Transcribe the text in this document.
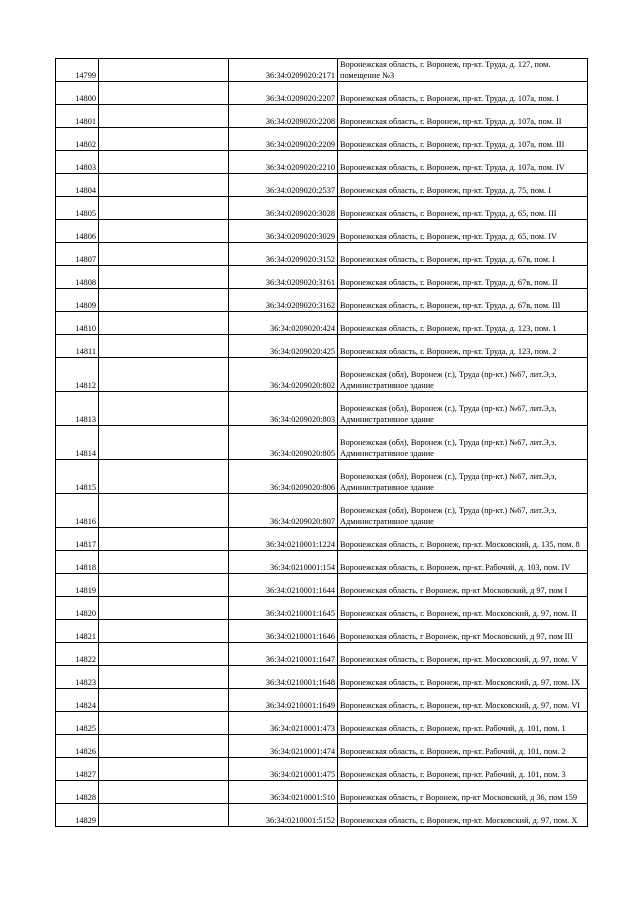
14799		36:34:0209020:2171	Воронежская область, г. Воронеж, пр-кт. Труда, д. 127, пом. помещение №3
14800		36:34:0209020:2207	Воронежская область, г. Воронеж, пр-кт. Труда, д. 107а, пом. I
14801		36:34:0209020:2208	Воронежская область, г. Воронеж, пр-кт. Труда, д. 107а, пом. II
14802		36:34:0209020:2209	Воронежская область, г. Воронеж, пр-кт. Труда, д. 107а, пом. III
14803		36:34:0209020:2210	Воронежская область, г. Воронеж, пр-кт. Труда, д. 107а, пом. IV
14804		36:34:0209020:2537	Воронежская область, г. Воронеж, пр-кт. Труда, д. 75, пом. I
14805		36:34:0209020:3028	Воронежская область, г. Воронеж, пр-кт. Труда, д. 65, пом. III
14806		36:34:0209020:3029	Воронежская область, г. Воронеж, пр-кт. Труда, д. 65, пом. IV
14807		36:34:0209020:3152	Воронежская область, г. Воронеж, пр-кт. Труда, д. 67в, пом. I
14808		36:34:0209020:3161	Воронежская область, г. Воронеж, пр-кт. Труда, д. 67в, пом. II
14809		36:34:0209020:3162	Воронежская область, г. Воронеж, пр-кт. Труда, д. 67в, пом. III
14810		36:34:0209020:424	Воронежская область, г. Воронеж, пр-кт. Труда, д. 123, пом. 1
14811		36:34:0209020:425	Воронежская область, г. Воронеж, пр-кт. Труда, д. 123, пом. 2
14812		36:34:0209020:802	Воронежская (обл), Воронеж (г.), Труда (пр-кт.) №67, лит.Э,э, Административное здание
14813		36:34:0209020:803	Воронежская (обл), Воронеж (г.), Труда (пр-кт.) №67, лит.Э,э, Административное здание
14814		36:34:0209020:805	Воронежская (обл), Воронеж (г.), Труда (пр-кт.) №67, лит.Э,э, Административное здание
14815		36:34:0209020:806	Воронежская (обл), Воронеж (г.), Труда (пр-кт.) №67, лит.Э,э, Административное здание
14816		36:34:0209020:807	Воронежская (обл), Воронеж (г.), Труда (пр-кт.) №67, лит.Э,э, Административное здание
14817		36:34:0210001:1224	Воронежская область, г. Воронеж, пр-кт. Московский, д. 135, пом. 8
14818		36:34:0210001:154	Воронежская область, г. Воронеж, пр-кт. Рабочий, д. 103, пом. IV
14819		36:34:0210001:1644	Воронежская область, г Воронеж, пр-кт Московский, д 97, пом I
14820		36:34:0210001:1645	Воронежская область, г. Воронеж, пр-кт. Московский, д. 97, пом. II
14821		36:34:0210001:1646	Воронежская область, г Воронеж, пр-кт Московский, д 97, пом III
14822		36:34:0210001:1647	Воронежская область, г. Воронеж, пр-кт. Московский, д. 97, пом. V
14823		36:34:0210001:1648	Воронежская область, г. Воронеж, пр-кт. Московский, д. 97, пом. IX
14824		36:34:0210001:1649	Воронежская область, г. Воронеж, пр-кт. Московский, д. 97, пом. VI
14825		36:34:0210001:473	Воронежская область, г. Воронеж, пр-кт. Рабочий, д. 101, пом. 1
14826		36:34:0210001:474	Воронежская область, г. Воронеж, пр-кт. Рабочий, д. 101, пом. 2
14827		36:34:0210001:475	Воронежская область, г. Воронеж, пр-кт. Рабочий, д. 101, пом. 3
14828		36:34:0210001:510	Воронежская область, г Воронеж, пр-кт Московский, д 36, пом 159
14829		36:34:0210001:5152	Воронежская область, г. Воронеж, пр-кт. Московский, д. 97, пом. X
